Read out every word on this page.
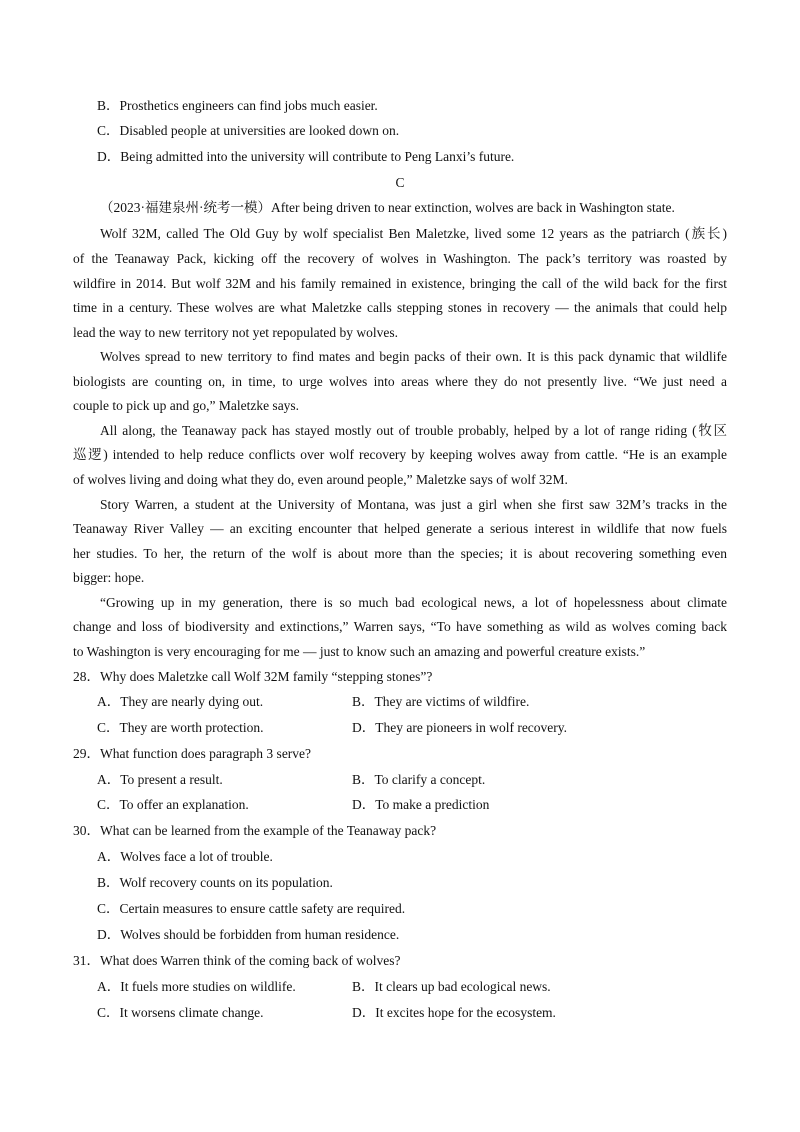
B．Prosthetics engineers can find jobs much easier.
C．Disabled people at universities are looked down on.
D．Being admitted into the university will contribute to Peng Lanxi’s future.
C
（2023·福建泉州·统考一模）After being driven to near extinction, wolves are back in Washington state.
Wolf 32M, called The Old Guy by wolf specialist Ben Maletzke, lived some 12 years as the patriarch (族长)
of the Teanaway Pack, kicking off the recovery of wolves in Washington. The pack’s territory was roasted by
wildfire in 2014. But wolf 32M and his family remained in existence, bringing the call of the wild back for the first
time in a century. These wolves are what Maletzke calls stepping stones in recovery — the animals that could help
lead the way to new territory not yet repopulated by wolves.
Wolves spread to new territory to find mates and begin packs of their own. It is this pack dynamic that wildlife
biologists are counting on, in time, to urge wolves into areas where they do not presently live. “We just need a
couple to pick up and go,” Maletzke says.
All along, the Teanaway pack has stayed mostly out of trouble probably, helped by a lot of range riding (牧区
巡逻) intended to help reduce conflicts over wolf recovery by keeping wolves away from cattle. “He is an example
of wolves living and doing what they do, even around people,” Maletzke says of wolf 32M.
Story Warren, a student at the University of Montana, was just a girl when she first saw 32M’s tracks in the
Teanaway River Valley — an exciting encounter that helped generate a serious interest in wildlife that now fuels
her studies. To her, the return of the wolf is about more than the species; it is about recovering something even
bigger: hope.
“Growing up in my generation, there is so much bad ecological news, a lot of hopelessness about climate
change and loss of biodiversity and extinctions,” Warren says, “To have something as wild as wolves coming back
to Washington is very encouraging for me — just to know such an amazing and powerful creature exists.”
28．Why does Maletzke call Wolf 32M family “stepping stones”?
A．They are nearly dying out.	B．They are victims of wildfire.
C．They are worth protection.	D．They are pioneers in wolf recovery.
29．What function does paragraph 3 serve?
A．To present a result.	B．To clarify a concept.
C．To offer an explanation.	D．To make a prediction
30．What can be learned from the example of the Teanaway pack?
A．Wolves face a lot of trouble.
B．Wolf recovery counts on its population.
C．Certain measures to ensure cattle safety are required.
D．Wolves should be forbidden from human residence.
31．What does Warren think of the coming back of wolves?
A．It fuels more studies on wildlife.	B．It clears up bad ecological news.
C．It worsens climate change.	D．It excites hope for the ecosystem.
